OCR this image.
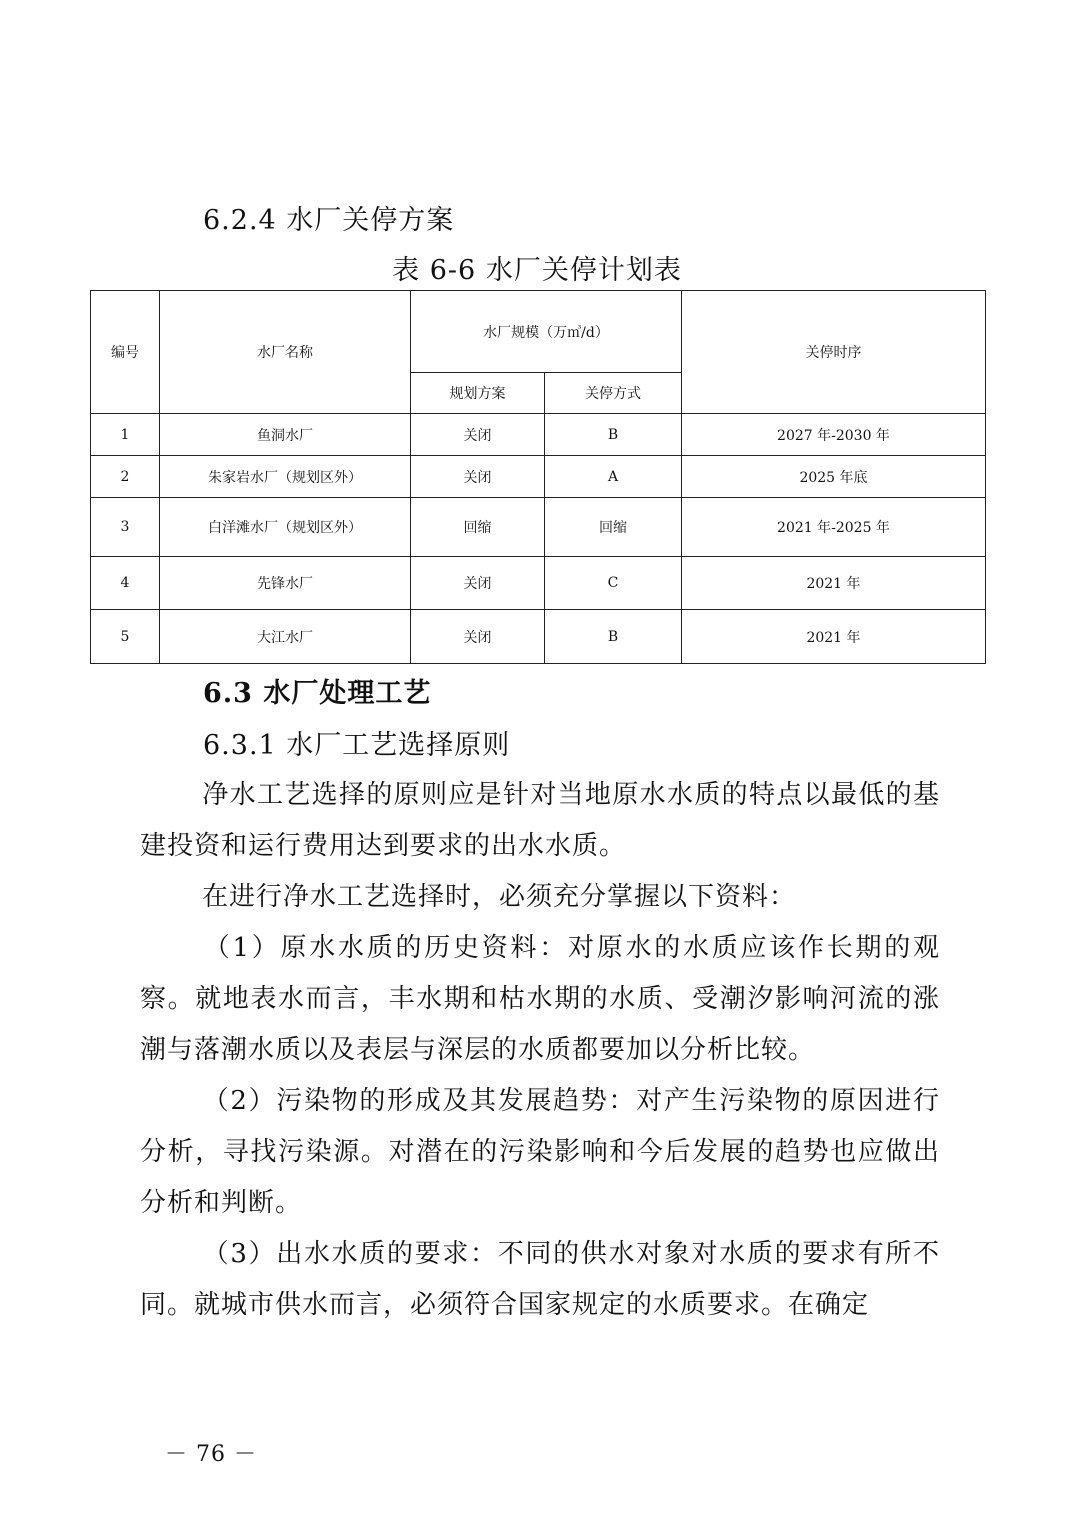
6.2.4 水厂关停方案
表 6-6 水厂关停计划表
编号	水厂名称	水厂规模（万㎥/d）		关停时序
		规划方案	关停方式	
1	鱼洞水厂	关闭	B	2027 年-2030 年
2	朱家岩水厂（规划区外）	关闭	A	2025 年底
3	白洋滩水厂（规划区外）	回缩	回缩	2021 年-2025 年
4	先锋水厂	关闭	C	2021 年
5	大江水厂	关闭	B	2021 年
6.3 水厂处理工艺
6.3.1 水厂工艺选择原则
净水工艺选择的原则应是针对当地原水水质的特点以最低的基建投资和运行费用达到要求的出水水质。
在进行净水工艺选择时，必须充分掌握以下资料：
（1）原水水质的历史资料：对原水的水质应该作长期的观察。就地表水而言，丰水期和枯水期的水质、受潮汐影响河流的涨潮与落潮水质以及表层与深层的水质都要加以分析比较。
（2）污染物的形成及其发展趋势：对产生污染物的原因进行分析，寻找污染源。对潜在的污染影响和今后发展的趋势也应做出分析和判断。
（3）出水水质的要求：不同的供水对象对水质的要求有所不同。就城市供水而言，必须符合国家规定的水质要求。在确定
－ 76 －
